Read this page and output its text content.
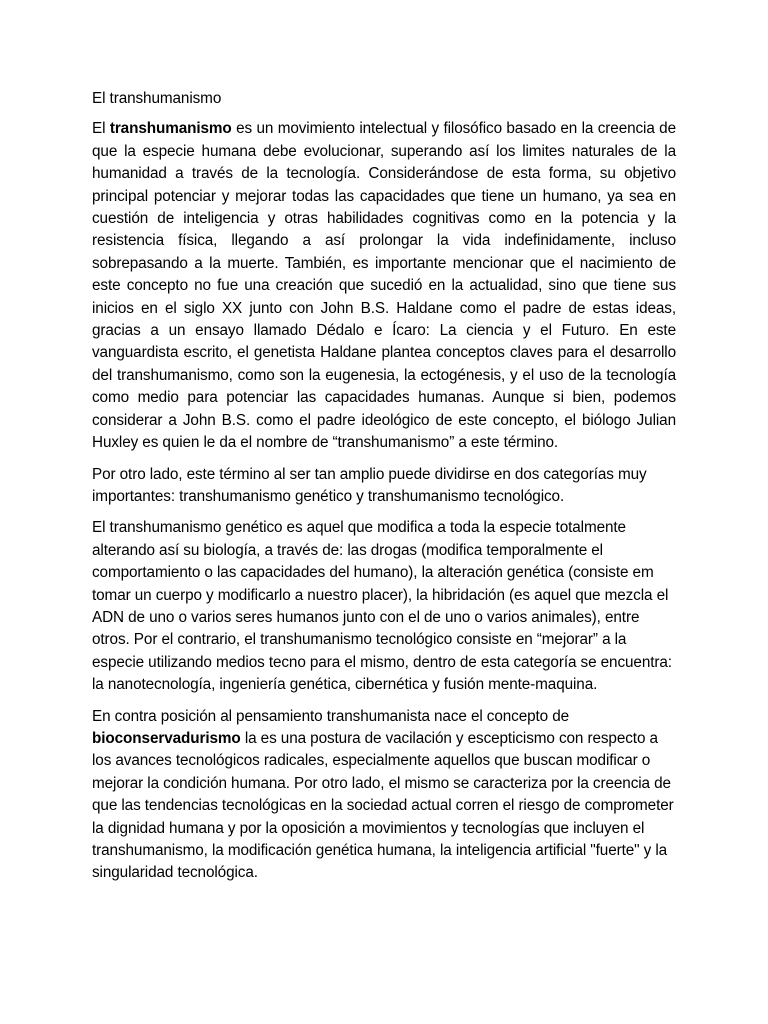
El transhumanismo

El transhumanismo es un movimiento intelectual y filosófico basado en la creencia de que la especie humana debe evolucionar, superando así los limites naturales de la humanidad a través de la tecnología. Considerándose de esta forma, su objetivo principal potenciar y mejorar todas las capacidades que tiene un humano, ya sea en cuestión de inteligencia y otras habilidades cognitivas como en la potencia y la resistencia física, llegando a así prolongar la vida indefinidamente, incluso sobrepasando a la muerte. También, es importante mencionar que el nacimiento de este concepto no fue una creación que sucedió en la actualidad, sino que tiene sus inicios en el siglo XX junto con John B.S. Haldane como el padre de estas ideas, gracias a un ensayo llamado Dédalo e Ícaro: La ciencia y el Futuro. En este vanguardista escrito, el genetista Haldane plantea conceptos claves para el desarrollo del transhumanismo, como son la eugenesia, la ectogénesis, y el uso de la tecnología como medio para potenciar las capacidades humanas. Aunque si bien, podemos considerar a John B.S. como el padre ideológico de este concepto, el biólogo Julian Huxley es quien le da el nombre de “transhumanismo” a este término.

Por otro lado, este término al ser tan amplio puede dividirse en dos categorías muy importantes: transhumanismo genético y transhumanismo tecnológico.

El transhumanismo genético es aquel que modifica a toda la especie totalmente alterando así su biología, a través de: las drogas (modifica temporalmente el comportamiento o las capacidades del humano), la alteración genética (consiste em tomar un cuerpo y modificarlo a nuestro placer), la hibridación (es aquel que mezcla el ADN de uno o varios seres humanos junto con el de uno o varios animales), entre otros. Por el contrario, el transhumanismo tecnológico consiste en “mejorar” a la especie utilizando medios tecno para el mismo, dentro de esta categoría se encuentra: la nanotecnología, ingeniería genética, cibernética y fusión mente-maquina.

En contra posición al pensamiento transhumanista nace el concepto de bioconservadurismo la es una postura de vacilación y escepticismo con respecto a los avances tecnológicos radicales, especialmente aquellos que buscan modificar o mejorar la condición humana. Por otro lado, el mismo se caracteriza por la creencia de que las tendencias tecnológicas en la sociedad actual corren el riesgo de comprometer la dignidad humana y por la oposición a movimientos y tecnologías que incluyen el transhumanismo, la modificación genética humana, la inteligencia artificial "fuerte" y la singularidad tecnológica.
